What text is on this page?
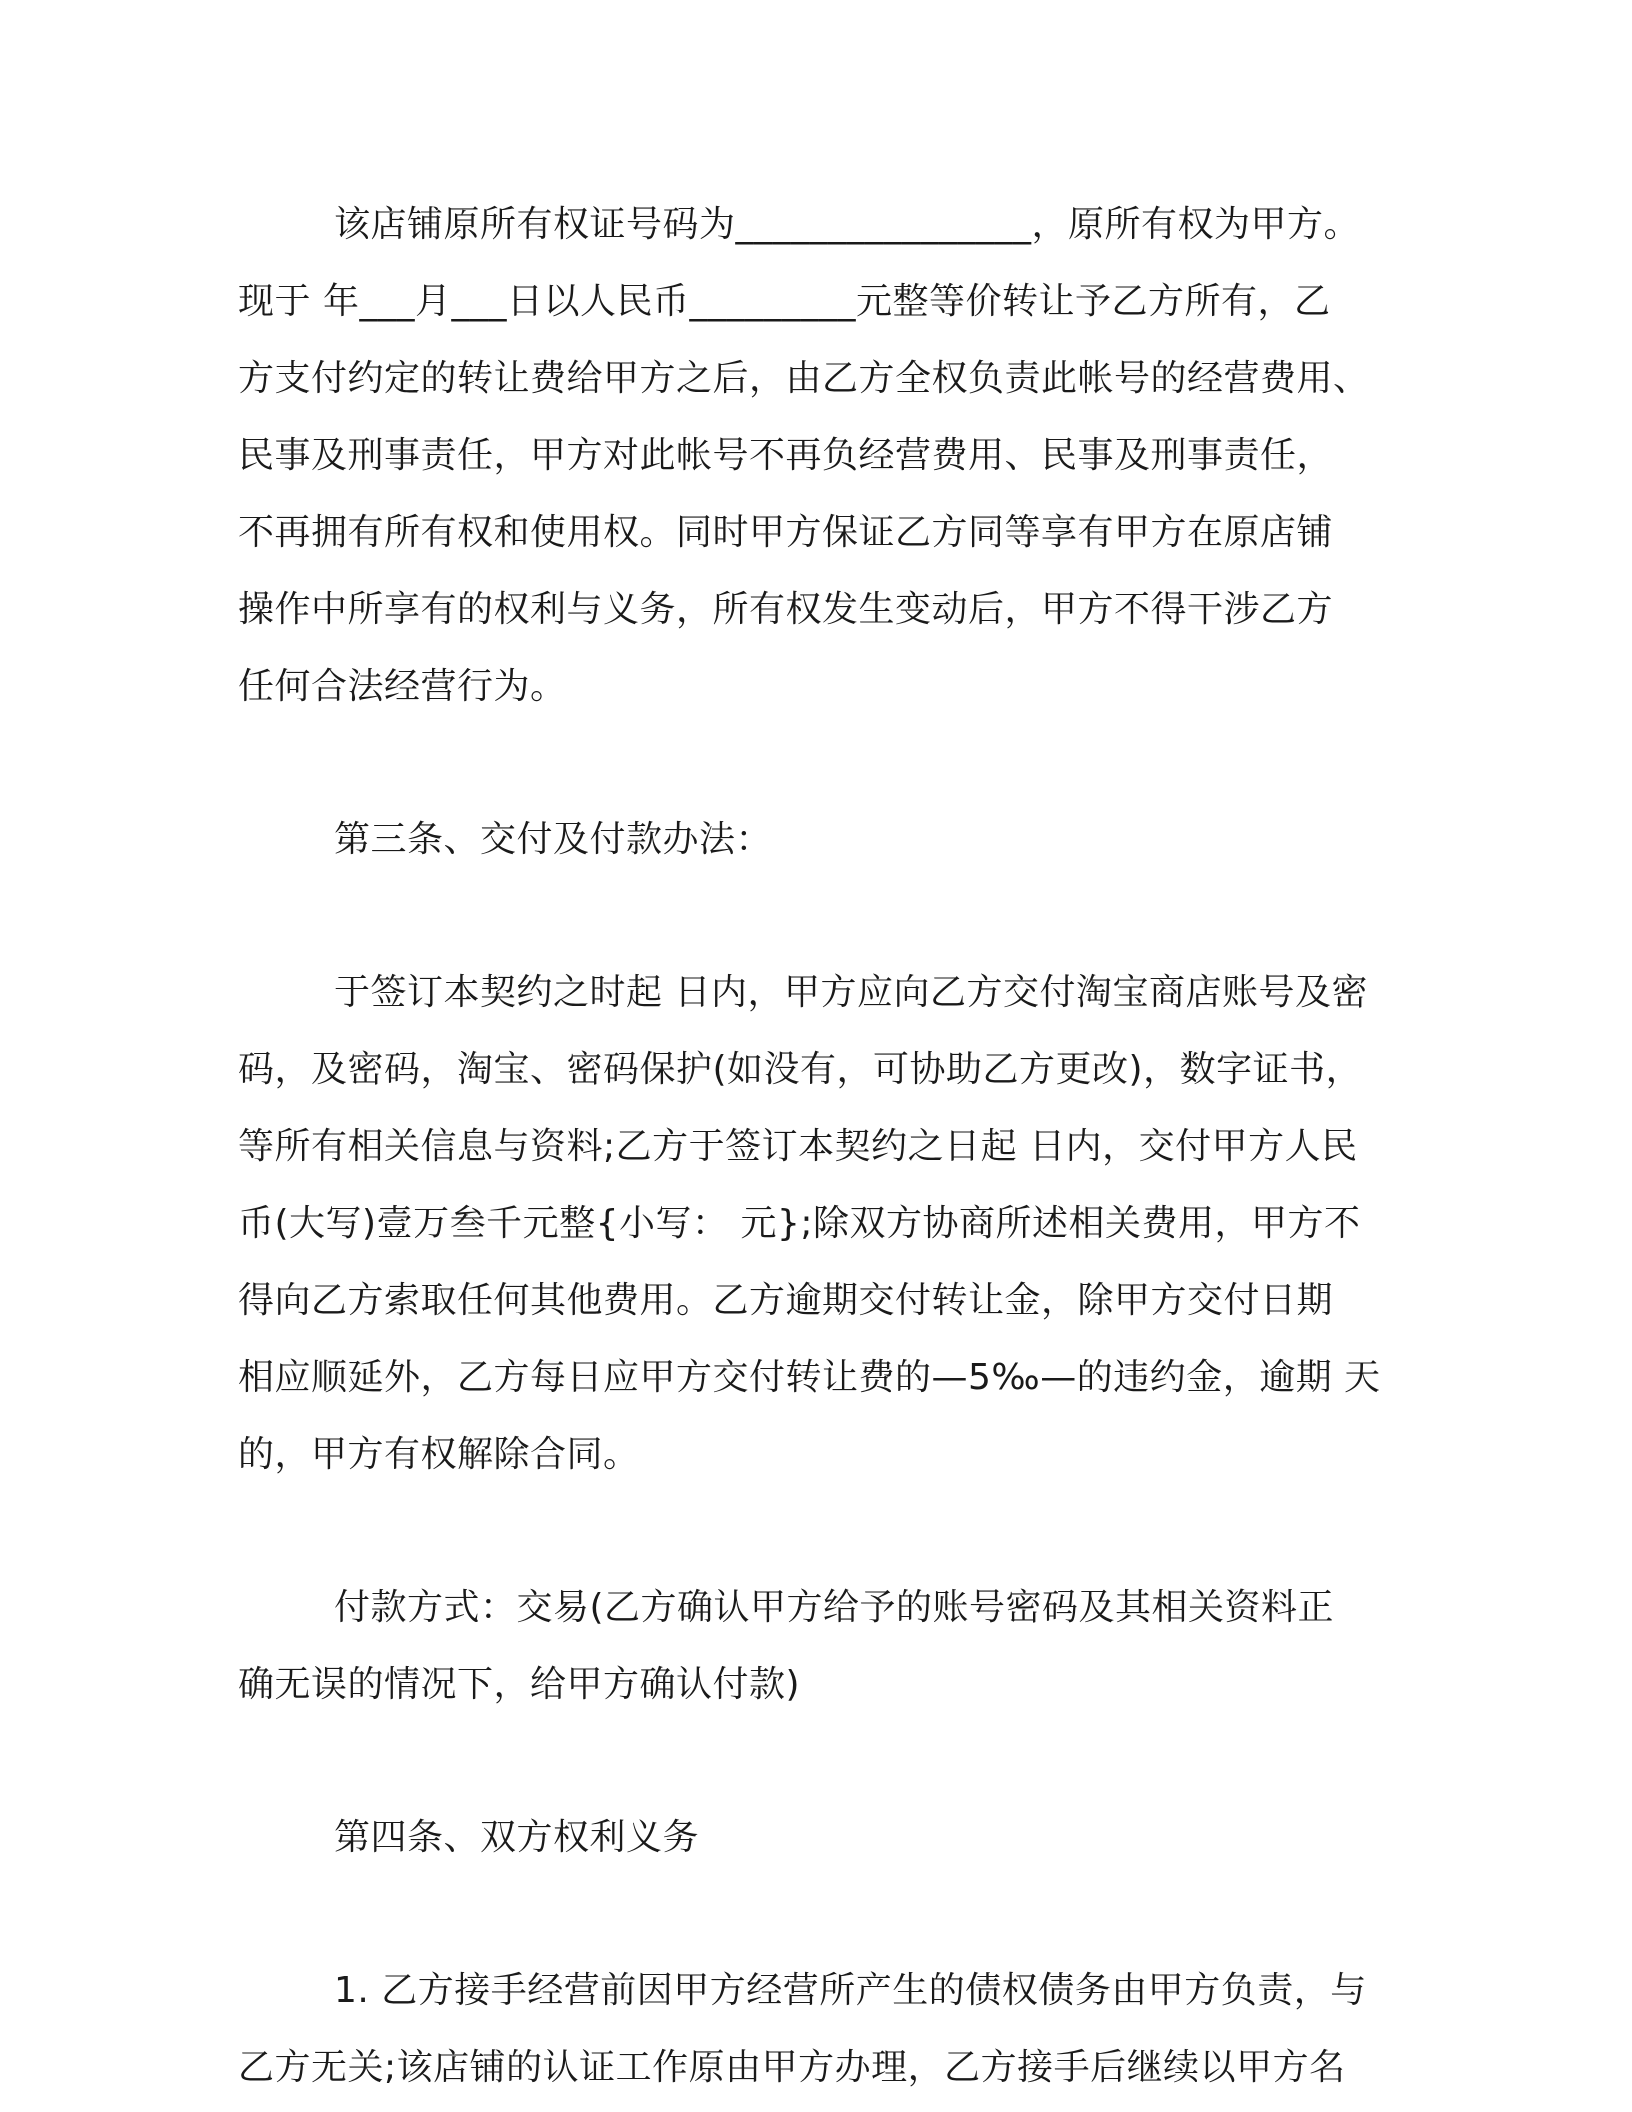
该店铺原所有权证号码为________________，原所有权为甲方。
现于 年___月___日以人民币_________元整等价转让予乙方所有，乙
方支付约定的转让费给甲方之后，由乙方全权负责此帐号的经营费用、
民事及刑事责任，甲方对此帐号不再负经营费用、民事及刑事责任，
不再拥有所有权和使用权。同时甲方保证乙方同等享有甲方在原店铺
操作中所享有的权利与义务，所有权发生变动后，甲方不得干涉乙方
任何合法经营行为。
第三条、交付及付款办法：
于签订本契约之时起 日内，甲方应向乙方交付淘宝商店账号及密
码，及密码，淘宝、密码保护(如没有，可协助乙方更改)，数字证书，
等所有相关信息与资料;乙方于签订本契约之日起 日内，交付甲方人民
币(大写)壹万叁千元整{小写： 元};除双方协商所述相关费用，甲方不
得向乙方索取任何其他费用。乙方逾期交付转让金，除甲方交付日期
相应顺延外，乙方每日应甲方交付转让费的—5‰—的违约金，逾期 天
的，甲方有权解除合同。
付款方式：交易(乙方确认甲方给予的账号密码及其相关资料正
确无误的情况下，给甲方确认付款)
第四条、双方权利义务
1. 乙方接手经营前因甲方经营所产生的债权债务由甲方负责，与
乙方无关;该店铺的认证工作原由甲方办理，乙方接手后继续以甲方名
